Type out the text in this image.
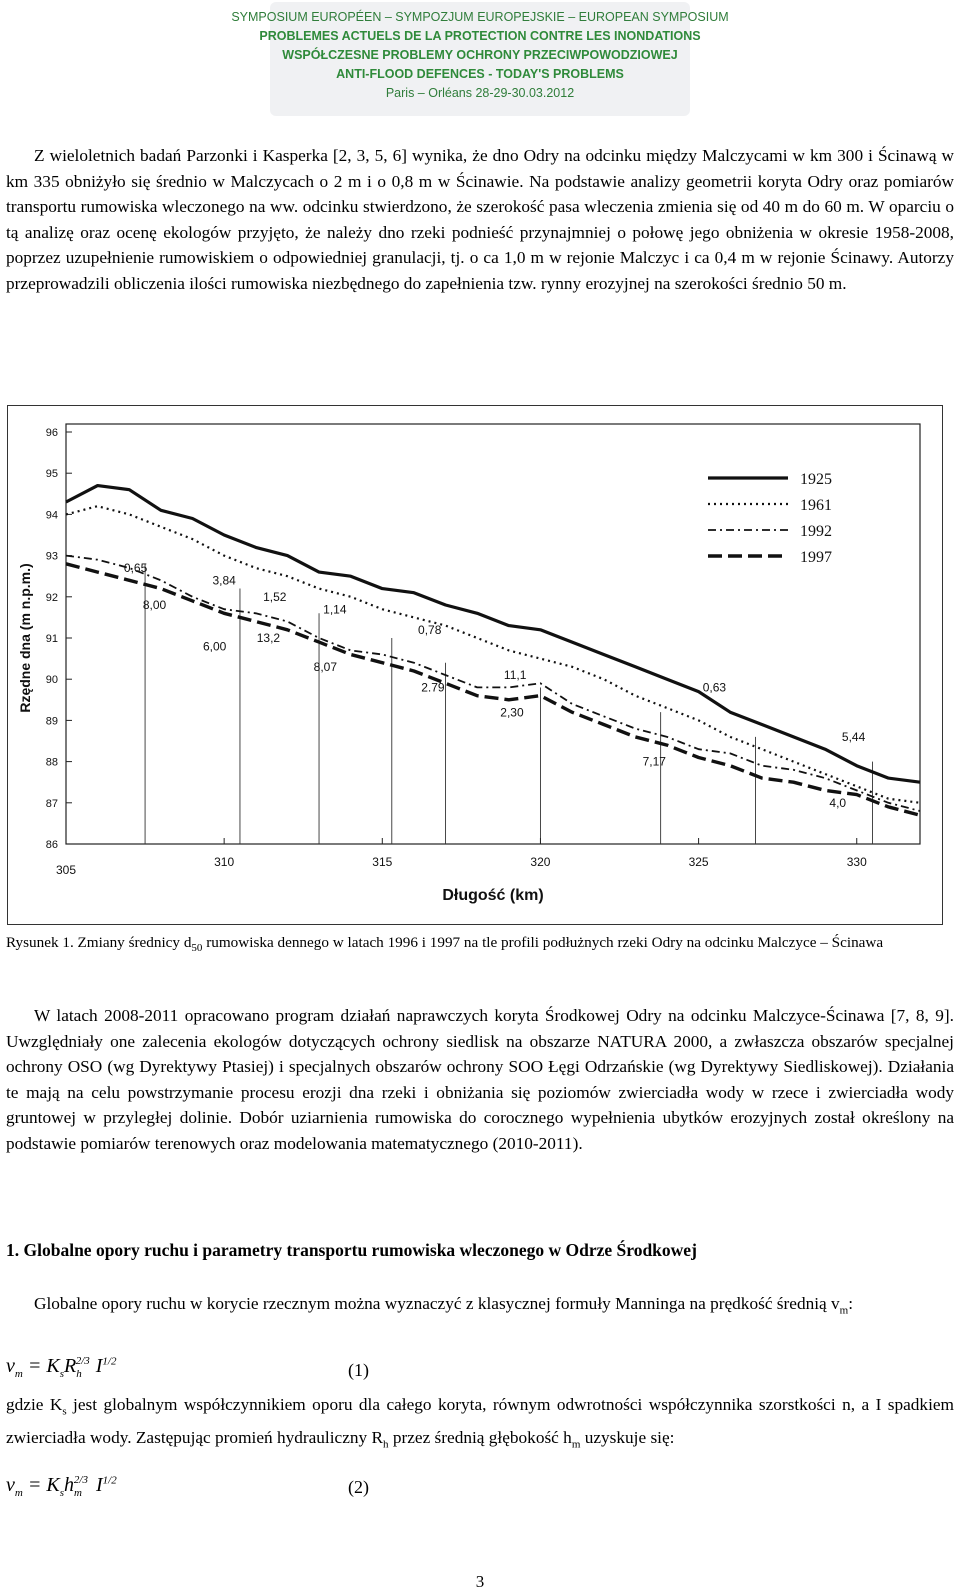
SYMPOSIUM EUROPÉEN – SYMPOZJUM EUROPEJSKIE – EUROPEAN SYMPOSIUM
PROBLEMES ACTUELS DE LA PROTECTION CONTRE LES INONDATIONS
WSPÓŁCZESNE PROBLEMY OCHRONY PRZECIWPOWODZIOWEJ
ANTI-FLOOD DEFENCES - TODAY'S PROBLEMS
Paris – Orléans 28-29-30.03.2012
Z wieloletnich badań Parzonki i Kasperka [2, 3, 5, 6] wynika, że dno Odry na odcinku między Malczycami w km 300 i Ścinawą w km 335 obniżyło się średnio w Malczycach o 2 m i o 0,8 m w Ścinawie. Na podstawie analizy geometrii koryta Odry oraz pomiarów transportu rumowiska wleczonego na ww. odcinku stwierdzono, że szerokość pasa wleczenia zmienia się od 40 m do 60 m. W oparciu o tą analizę oraz ocenę ekologów przyjęto, że należy dno rzeki podnieść przynajmniej o połowę jego obniżenia w okresie 1958-2008, poprzez uzupełnienie rumowiskiem o odpowiedniej granulacji, tj. o ca 1,0 m w rejonie Malczyc i ca 0,4 m w rejonie Ścinawy. Autorzy przeprowadzili obliczenia ilości rumowiska niezbędnego do zapełnienia tzw. rynny erozyjnej na szerokości średnio 50 m.
86
87
88
89
90
91
92
93
94
95
96
305
310	315	320	325	330
Długość (km)
Rzędne dna (m n.p.m.)
1925
1961
1992
1997
0,65
3,84
8,00
1,52
1,14
6,00
13,2
0,78
8,07
11,1
2.79	0,63
2,30
5,44
7,17
4,0
Rysunek 1. Zmiany średnicy $d_{50}$ rumowiska dennego w latach 1996 i 1997 na tle profili podłużnych rzeki Odry na odcinku Malczyce – Ścinawa
W latach 2008-2011 opracowano program działań naprawczych koryta Środkowej Odry na odcinku Malczyce-Ścinawa [7, 8, 9]. Uwzględniały one zalecenia ekologów dotyczących ochrony siedlisk na obszarze NATURA 2000, a zwłaszcza obszarów specjalnej ochrony OSO (wg Dyrektywy Ptasiej) i specjalnych obszarów ochrony SOO Łęgi Odrzańskie (wg Dyrektywy Siedliskowej). Działania te mają na celu powstrzymanie procesu erozji dna rzeki i obniżania się poziomów zwierciadła wody w rzece i zwierciadła wody gruntowej w przyległej dolinie. Dobór uziarnienia rumowiska do corocznego wypełnienia ubytków erozyjnych został określony na podstawie pomiarów terenowych oraz modelowania matematycznego (2010-2011).
1. Globalne opory ruchu i parametry transportu rumowiska wleczonego w Odrze Środkowej
Globalne opory ruchu w korycie rzecznym można wyznaczyć z klasycznej formuły Manninga na prędkość średnią $v_m$:
$v_m = K_sR_h^{2/3}$ $I^{1/2}$	(1)
gdzie $K_s$ jest globalnym współczynnikiem oporu dla całego koryta, równym odwrotności współczynnika szorstkości n, a I spadkiem zwierciadła wody. Zastępując promień hydrauliczny $R_h$ przez średnią głębokość $h_m$ uzyskuje się:
$v_m = K_sh_m^{2/3}$ $I^{1/2}$	(2)
3
